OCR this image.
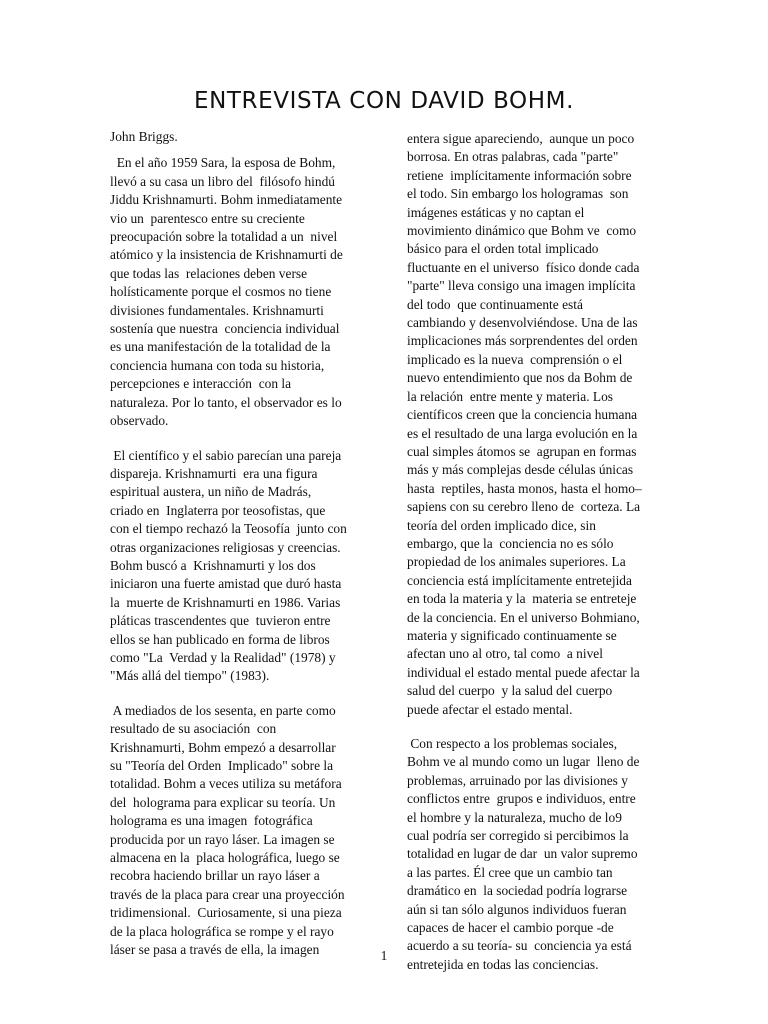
ENTREVISTA CON DAVID BOHM.
John Briggs.
En el año 1959 Sara, la esposa de Bohm,
llevó a su casa un libro del  filósofo hindú
Jiddu Krishnamurti. Bohm inmediatamente
vio un  parentesco entre su creciente
preocupación sobre la totalidad a un  nivel
atómico y la insistencia de Krishnamurti de
que todas las  relaciones deben verse
holísticamente porque el cosmos no tiene
divisiones fundamentales. Krishnamurti
sostenía que nuestra  conciencia individual
es una manifestación de la totalidad de la
conciencia humana con toda su historia,
percepciones e interacción  con la
naturaleza. Por lo tanto, el observador es lo
observado.
El científico y el sabio parecían una pareja
dispareja. Krishnamurti  era una figura
espiritual austera, un niño de Madrás,
criado en  Inglaterra por teosofistas, que
con el tiempo rechazó la Teosofía  junto con
otras organizaciones religiosas y creencias.
Bohm buscó a  Krishnamurti y los dos
iniciaron una fuerte amistad que duró hasta
la  muerte de Krishnamurti en 1986. Varias
pláticas trascendentes que  tuvieron entre
ellos se han publicado en forma de libros
como "La  Verdad y la Realidad" (1978) y
"Más allá del tiempo" (1983).
A mediados de los sesenta, en parte como
resultado de su asociación  con
Krishnamurti, Bohm empezó a desarrollar
su "Teoría del Orden  Implicado" sobre la
totalidad. Bohm a veces utiliza su metáfora
del  holograma para explicar su teoría. Un
holograma es una imagen  fotográfica
producida por un rayo láser. La imagen se
almacena en la  placa holográfica, luego se
recobra haciendo brillar un rayo láser a
través de la placa para crear una proyección
tridimensional.  Curiosamente, si una pieza
de la placa holográfica se rompe y el rayo
láser se pasa a través de ella, la imagen
entera sigue apareciendo,  aunque un poco
borrosa. En otras palabras, cada "parte"
retiene  implícitamente información sobre
el todo. Sin embargo los hologramas  son
imágenes estáticas y no captan el
movimiento dinámico que Bohm ve  como
básico para el orden total implicado
fluctuante en el universo  físico donde cada
"parte" lleva consigo una imagen implícita
del todo  que continuamente está
cambiando y desenvolviéndose. Una de las
implicaciones más sorprendentes del orden
implicado es la nueva  comprensión o el
nuevo entendimiento que nos da Bohm de
la relación  entre mente y materia. Los
científicos creen que la conciencia humana
es el resultado de una larga evolución en la
cual simples átomos se  agrupan en formas
más y más complejas desde células únicas
hasta  reptiles, hasta monos, hasta el homo–
sapiens con su cerebro lleno de  corteza. La
teoría del orden implicado dice, sin
embargo, que la  conciencia no es sólo
propiedad de los animales superiores. La
conciencia está implícitamente entretejida
en toda la materia y la  materia se entreteje
de la conciencia. En el universo Bohmiano,
materia y significado continuamente se
afectan uno al otro, tal como  a nivel
individual el estado mental puede afectar la
salud del cuerpo  y la salud del cuerpo
puede afectar el estado mental.
Con respecto a los problemas sociales,
Bohm ve al mundo como un lugar  lleno de
problemas, arruinado por las divisiones y
conflictos entre  grupos e individuos, entre
el hombre y la naturaleza, mucho de lo9
cual podría ser corregido si percibimos la
totalidad en lugar de dar  un valor supremo
a las partes. Él cree que un cambio tan
dramático en  la sociedad podría lograrse
aún si tan sólo algunos individuos fueran
capaces de hacer el cambio porque -de
acuerdo a su teoría- su  conciencia ya está
entretejida en todas las conciencias.
1
